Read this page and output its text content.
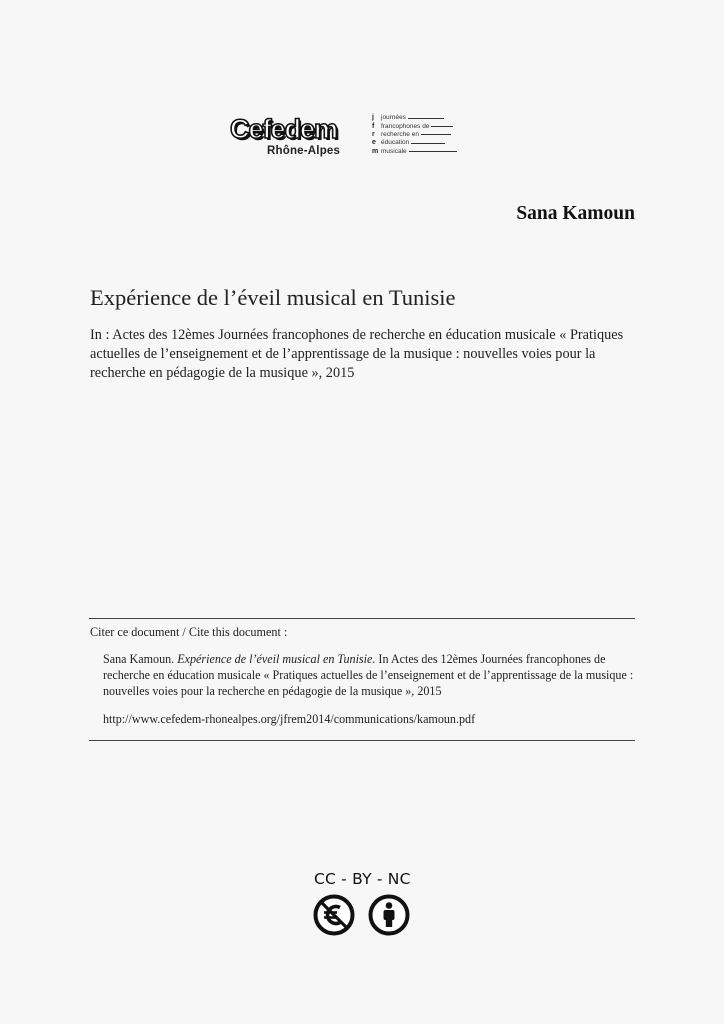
Cefedem
Rhône-Alpes
j	journées
f	francophones de
r recherche en
e éducation
m musicale
Sana Kamoun
Expérience de l’éveil musical en Tunisie

In : Actes des 12èmes Journées francophones de recherche en éducation musicale « Pratiques actuelles de l’enseignement et de l’apprentissage de la musique : nouvelles voies pour la recherche en pédagogie de la musique », 2015

Citer ce document / Cite this document :

Sana Kamoun. Expérience de l’éveil musical en Tunisie. In Actes des 12èmes Journées francophones de recherche en éducation musicale « Pratiques actuelles de l’enseignement et de l’apprentissage de la musique : nouvelles voies pour la recherche en pédagogie de la musique », 2015

http://www.cefedem-rhonealpes.org/jfrem2014/communications/kamoun.pdf
CC - BY - NC
